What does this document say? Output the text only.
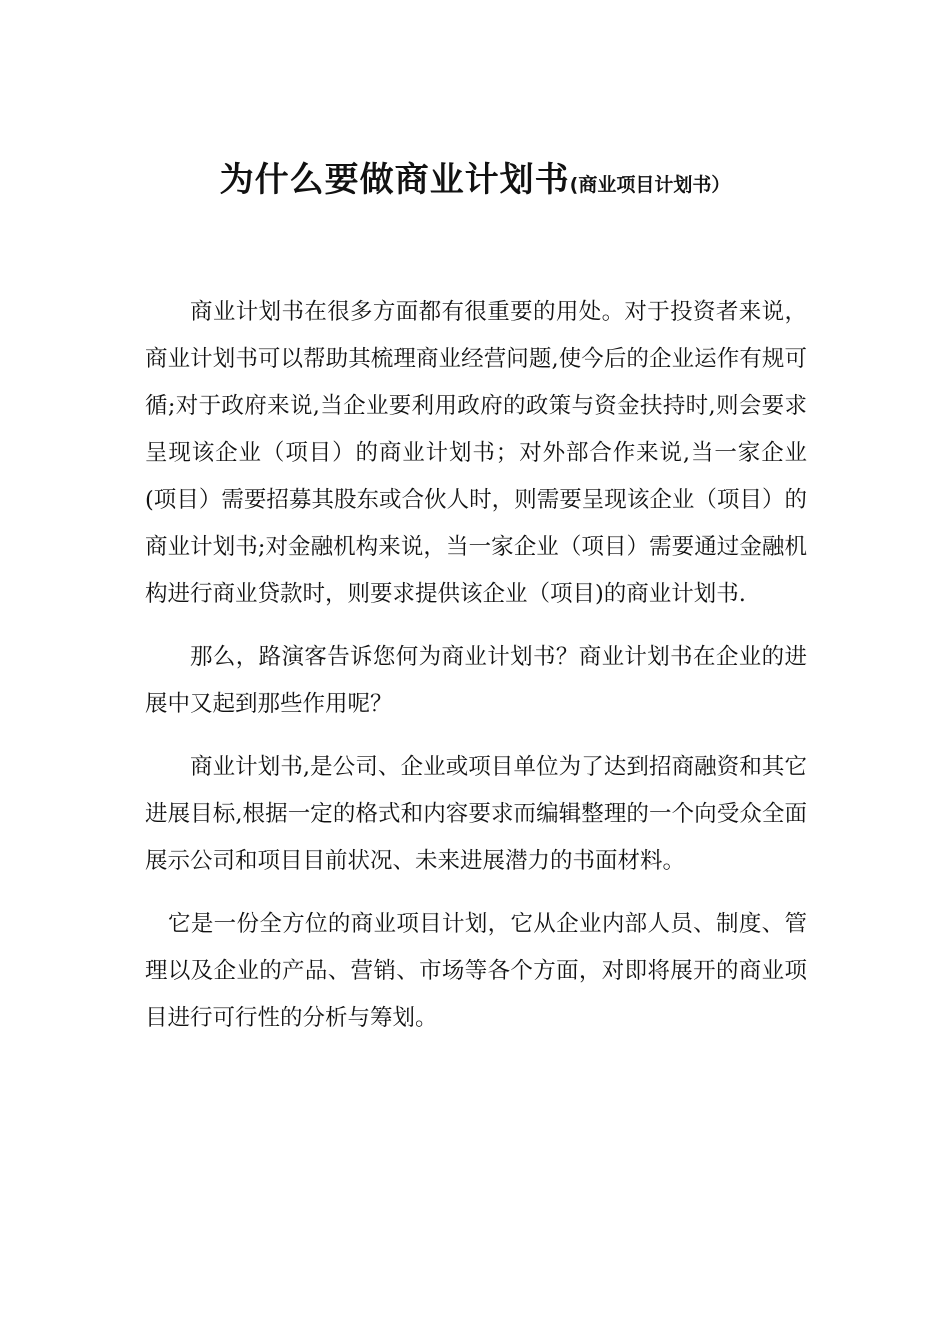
为什么要做商业计划书(商业项目计划书）

商业计划书在很多方面都有很重要的用处。对于投资者来说，商业计划书可以帮助其梳理商业经营问题,使今后的企业运作有规可循;对于政府来说,当企业要利用政府的政策与资金扶持时,则会要求呈现该企业（项目）的商业计划书；对外部合作来说,当一家企业(项目）需要招募其股东或合伙人时，则需要呈现该企业（项目）的商业计划书;对金融机构来说，当一家企业（项目）需要通过金融机构进行商业贷款时，则要求提供该企业（项目)的商业计划书.

那么，路演客告诉您何为商业计划书？商业计划书在企业的进展中又起到那些作用呢？

商业计划书,是公司、企业或项目单位为了达到招商融资和其它进展目标,根据一定的格式和内容要求而编辑整理的一个向受众全面展示公司和项目目前状况、未来进展潜力的书面材料。

它是一份全方位的商业项目计划，它从企业内部人员、制度、管理以及企业的产品、营销、市场等各个方面，对即将展开的商业项目进行可行性的分析与筹划。
